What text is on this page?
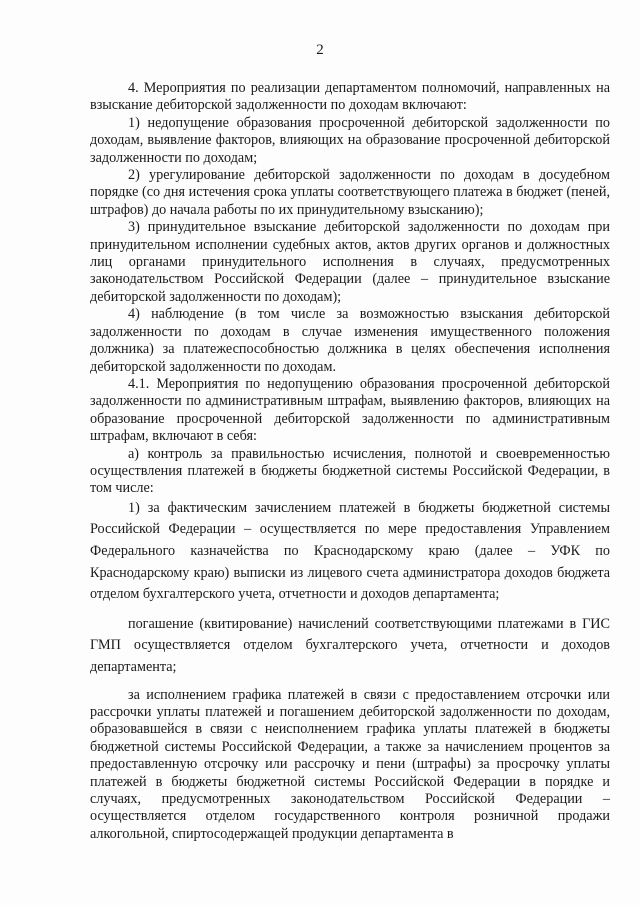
2

4. Мероприятия по реализации департаментом полномочий, направленных на взыскание дебиторской задолженности по доходам включают:

1) недопущение образования просроченной дебиторской задолженности по доходам, выявление факторов, влияющих на образование просроченной дебиторской задолженности по доходам;

2) урегулирование дебиторской задолженности по доходам в досудебном порядке (со дня истечения срока уплаты соответствующего платежа в бюджет (пеней, штрафов) до начала работы по их принудительному взысканию);

3) принудительное взыскание дебиторской задолженности по доходам при принудительном исполнении судебных актов, актов других органов и должностных лиц органами принудительного исполнения в случаях, предусмотренных законодательством Российской Федерации (далее – принудительное взыскание дебиторской задолженности по доходам);

4) наблюдение (в том числе за возможностью взыскания дебиторской задолженности по доходам в случае изменения имущественного положения должника) за платежеспособностью должника в целях обеспечения исполнения дебиторской задолженности по доходам.

4.1. Мероприятия по недопущению образования просроченной дебиторской задолженности по административным штрафам, выявлению факторов, влияющих на образование просроченной дебиторской задолженности по административным штрафам, включают в себя:

а) контроль за правильностью исчисления, полнотой и своевременностью осуществления платежей в бюджеты бюджетной системы Российской Федерации, в том числе:

1) за фактическим зачислением платежей в бюджеты бюджетной системы Российской Федерации – осуществляется по мере предоставления Управлением Федерального казначейства по Краснодарскому краю (далее – УФК по Краснодарскому краю) выписки из лицевого счета администратора доходов бюджета отделом бухгалтерского учета, отчетности и доходов департамента;

погашение (квитирование) начислений соответствующими платежами в ГИС ГМП осуществляется отделом бухгалтерского учета, отчетности и доходов департамента;

за исполнением графика платежей в связи с предоставлением отсрочки или рассрочки уплаты платежей и погашением дебиторской задолженности по доходам, образовавшейся в связи с неисполнением графика уплаты платежей в бюджеты бюджетной системы Российской Федерации, а также за начислением процентов за предоставленную отсрочку или рассрочку и пени (штрафы) за просрочку уплаты платежей в бюджеты бюджетной системы Российской Федерации в порядке и случаях, предусмотренных законодательством Российской Федерации – осуществляется отделом государственного контроля розничной продажи алкогольной, спиртосодержащей продукции департамента в
